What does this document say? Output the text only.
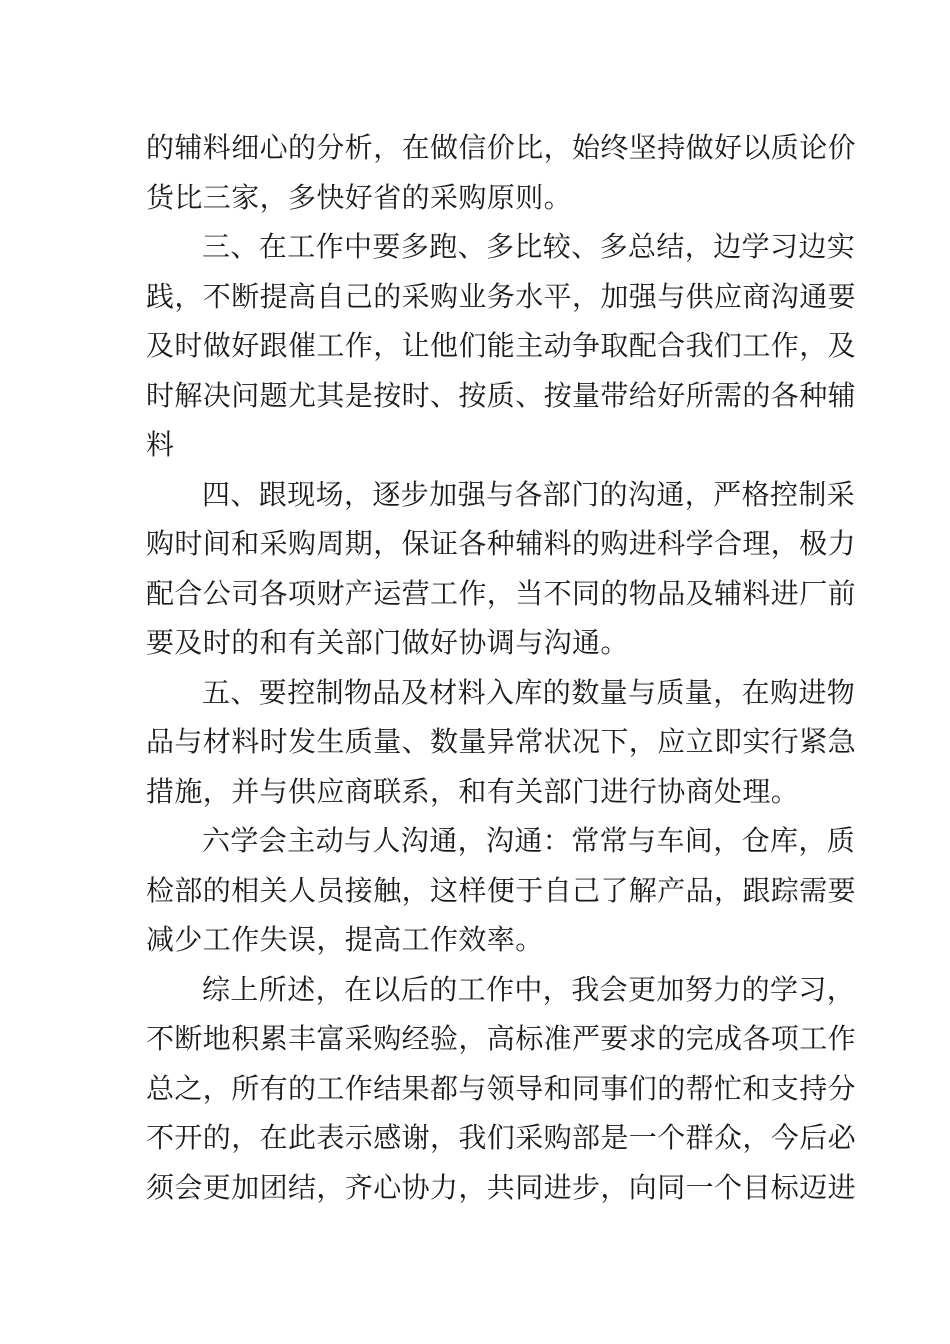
的辅料细心的分析，在做信价比，始终坚持做好以质论价
货比三家，多快好省的采购原则。
三、在工作中要多跑、多比较、多总结，边学习边实
践，不断提高自己的采购业务水平，加强与供应商沟通要
及时做好跟催工作，让他们能主动争取配合我们工作，及
时解决问题尤其是按时、按质、按量带给好所需的各种辅
料
四、跟现场，逐步加强与各部门的沟通，严格控制采
购时间和采购周期，保证各种辅料的购进科学合理，极力
配合公司各项财产运营工作，当不同的物品及辅料进厂前
要及时的和有关部门做好协调与沟通。
五、要控制物品及材料入库的数量与质量，在购进物
品与材料时发生质量、数量异常状况下，应立即实行紧急
措施，并与供应商联系，和有关部门进行协商处理。
六学会主动与人沟通，沟通：常常与车间，仓库，质
检部的相关人员接触，这样便于自己了解产品，跟踪需要
减少工作失误，提高工作效率。
综上所述，在以后的工作中，我会更加努力的学习，
不断地积累丰富采购经验，高标准严要求的完成各项工作
总之，所有的工作结果都与领导和同事们的帮忙和支持分
不开的，在此表示感谢，我们采购部是一个群众，今后必
须会更加团结，齐心协力，共同进步，向同一个目标迈进
